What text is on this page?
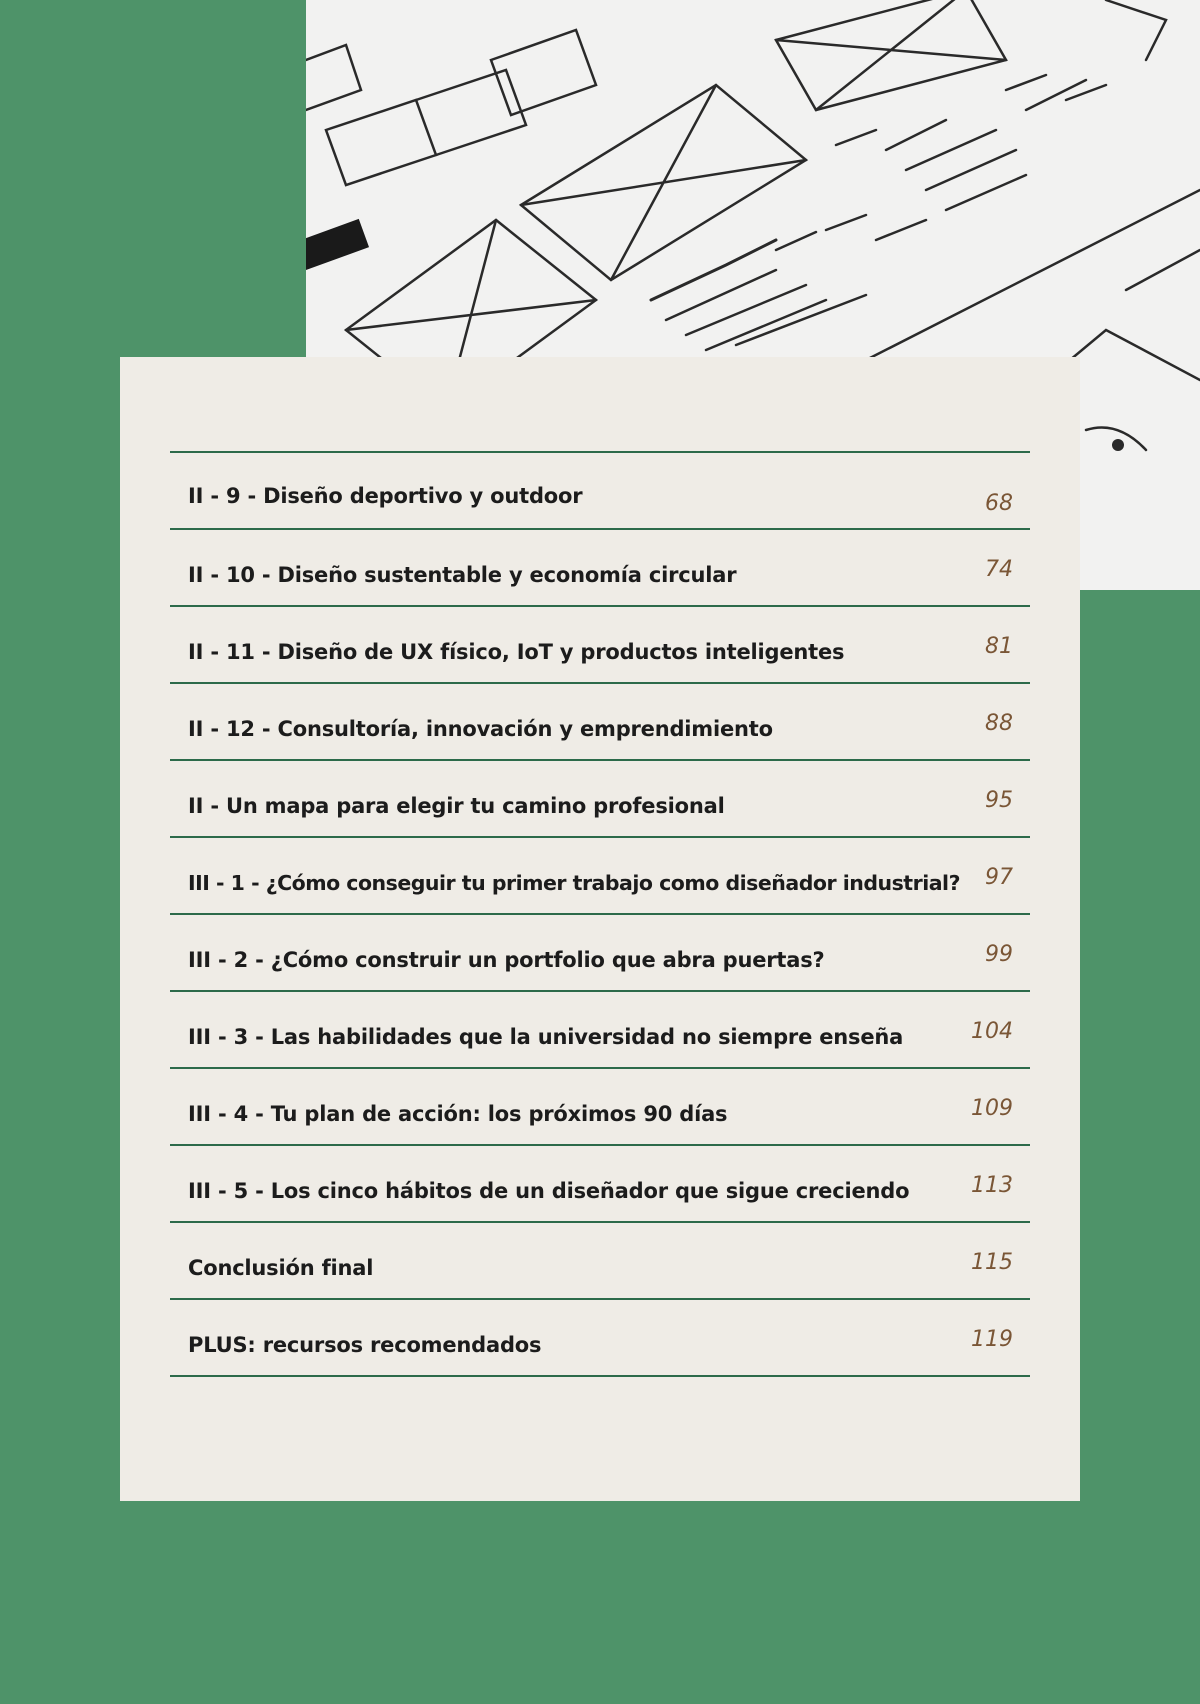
II - 9 - Diseño deportivo y outdoor	68
II - 10 - Diseño sustentable y economía circular	74
II - 11 - Diseño de UX físico, IoT y productos inteligentes	81
II - 12 - Consultoría, innovación y emprendimiento	88
II - Un mapa para elegir tu camino profesional	95
III - 1 - ¿Cómo conseguir tu primer trabajo como diseñador industrial? 97
III - 2 - ¿Cómo construir un portfolio que abra puertas?	99
III - 3 - Las habilidades que la universidad no siempre enseña	104
III - 4 - Tu plan de acción: los próximos 90 días	109
III - 5 - Los cinco hábitos de un diseñador que sigue creciendo	113
Conclusión final	115
PLUS: recursos recomendados	119
